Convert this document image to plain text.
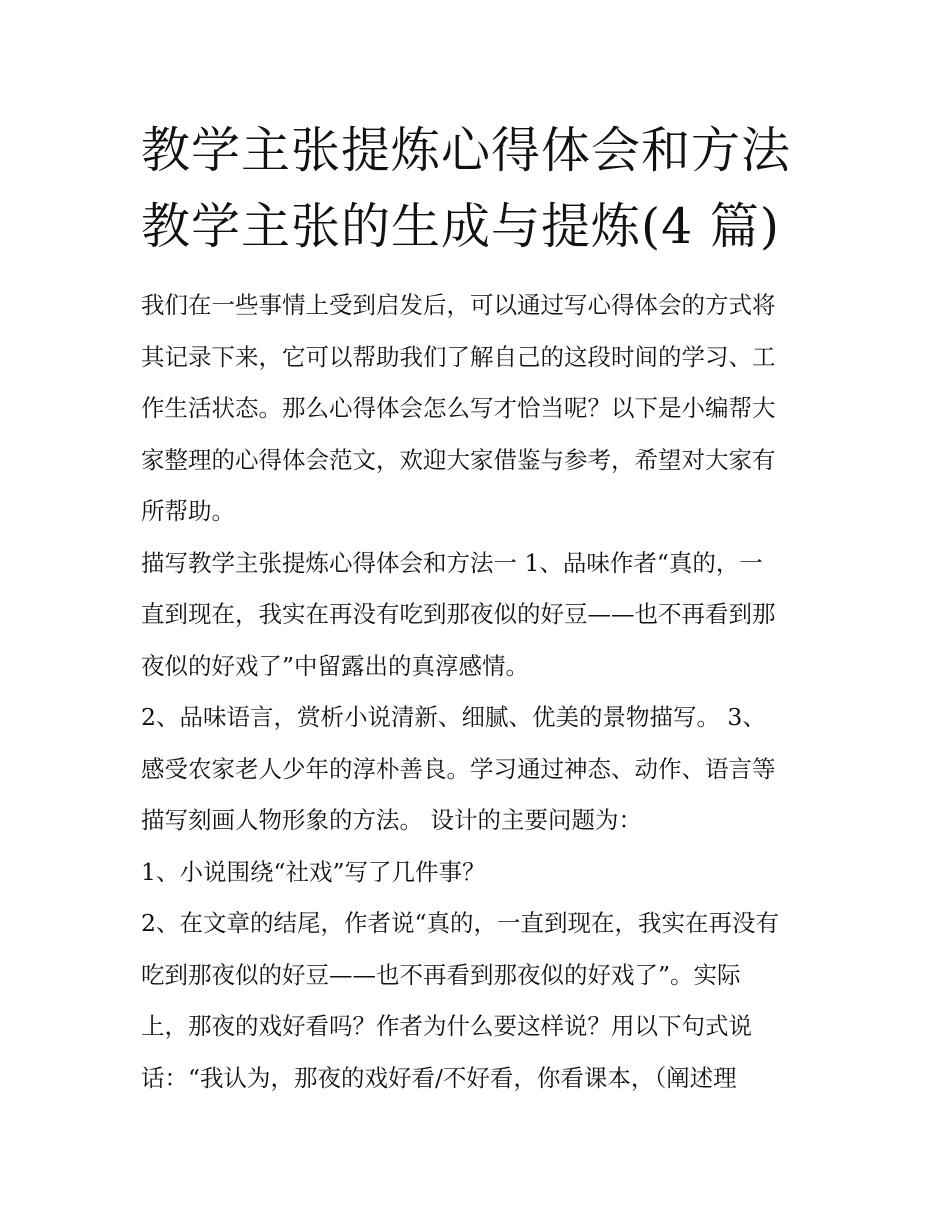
教学主张提炼心得体会和方法
教学主张的生成与提炼(4 篇)
我们在一些事情上受到启发后，可以通过写心得体会的方式将
其记录下来，它可以帮助我们了解自己的这段时间的学习、工
作生活状态。那么心得体会怎么写才恰当呢？以下是小编帮大
家整理的心得体会范文，欢迎大家借鉴与参考，希望对大家有
所帮助。
描写教学主张提炼心得体会和方法一 1、品味作者“真的，一
直到现在，我实在再没有吃到那夜似的好豆——也不再看到那
夜似的好戏了”中留露出的真淳感情。
2、品味语言，赏析小说清新、细腻、优美的景物描写。 3、
感受农家老人少年的淳朴善良。学习通过神态、动作、语言等
描写刻画人物形象的方法。 设计的主要问题为：
1、小说围绕“社戏”写了几件事？
2、在文章的结尾，作者说“真的，一直到现在，我实在再没有
吃到那夜似的好豆——也不再看到那夜似的好戏了”。实际
上，那夜的戏好看吗？作者为什么要这样说？用以下句式说
话：“我认为，那夜的戏好看/不好看，你看课本，（阐述理
